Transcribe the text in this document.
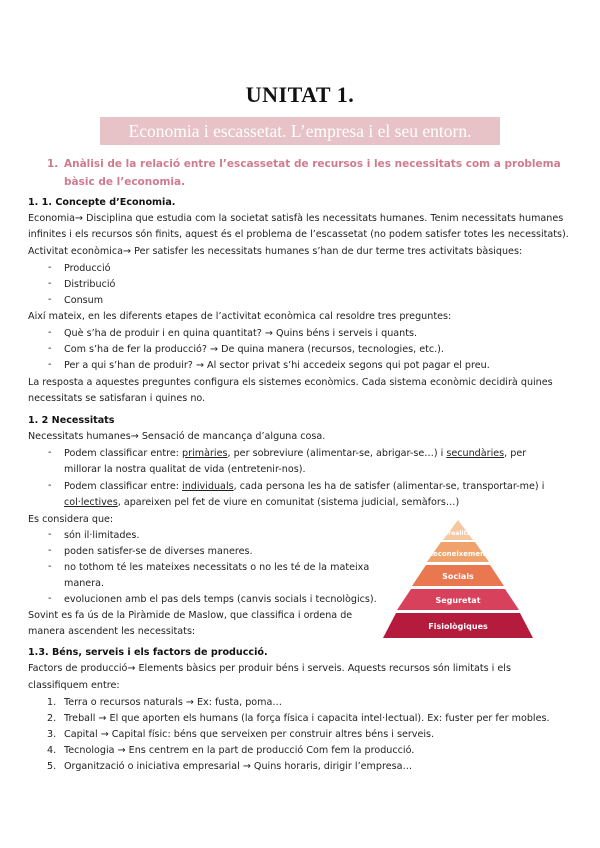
UNITAT 1.
Economia i escassetat. L’empresa i el seu entorn.
1. Anàlisi de la relació entre l’escassetat de recursos i les necessitats com a problema bàsic de l’economia.
1. 1. Concepte d’Economia.
Economia→ Disciplina que estudia com la societat satisfà les necessitats humanes. Tenim necessitats humanes
infinites i els recursos són finits, aquest és el problema de l’escassetat (no podem satisfer totes les necessitats).
Activitat econòmica→ Per satisfer les necessitats humanes s’han de dur terme tres activitats bàsiques:
- Producció
- Distribució
- Consum
Així mateix, en les diferents etapes de l’activitat econòmica cal resoldre tres preguntes:
- Què s’ha de produir i en quina quantitat? → Quins béns i serveis i quants.
- Com s’ha de fer la producció? → De quina manera (recursos, tecnologies, etc.).
- Per a qui s’han de produir? → Al sector privat s’hi accedeix segons qui pot pagar el preu.
La resposta a aquestes preguntes configura els sistemes econòmics. Cada sistema econòmic decidirà quines
necessitats se satisfaran i quines no.
1. 2 Necessitats
Necessitats humanes→ Sensació de mancança d’alguna cosa.
- Podem classificar entre: primàries, per sobreviure (alimentar-se, abrigar-se…) i secundàries, per
millorar la nostra qualitat de vida (entretenir-nos).
- Podem classificar entre: individuals, cada persona les ha de satisfer (alimentar-se, transportar-me) i
col·lectives, apareixen pel fet de viure en comunitat (sistema judicial, semàfors…)
Es considera que:
- són il·limitades.
- poden satisfer-se de diverses maneres.
- no tothom té les mateixes necessitats o no les té de la mateixa
manera.
- evolucionen amb el pas dels temps (canvis socials i tecnològics).
Sovint es fa ús de la Piràmide de Maslow, que classifica i ordena de
manera ascendent les necessitats:
Autorealització
Reconeixement
Socials
Seguretat
Fisiològiques
1.3. Béns, serveis i els factors de producció.
Factors de producció→ Elements bàsics per produir béns i serveis. Aquests recursos són limitats i els
classifiquem entre:
1. Terra o recursos naturals → Ex: fusta, poma…
2. Treball → El que aporten els humans (la força física i capacita intel·lectual). Ex: fuster per fer mobles.
3. Capital → Capital físic: béns que serveixen per construir altres béns i serveis.
4. Tecnologia → Ens centrem en la part de producció Com fem la producció.
5. Organització o iniciativa empresarial → Quins horaris, dirigir l’empresa…
